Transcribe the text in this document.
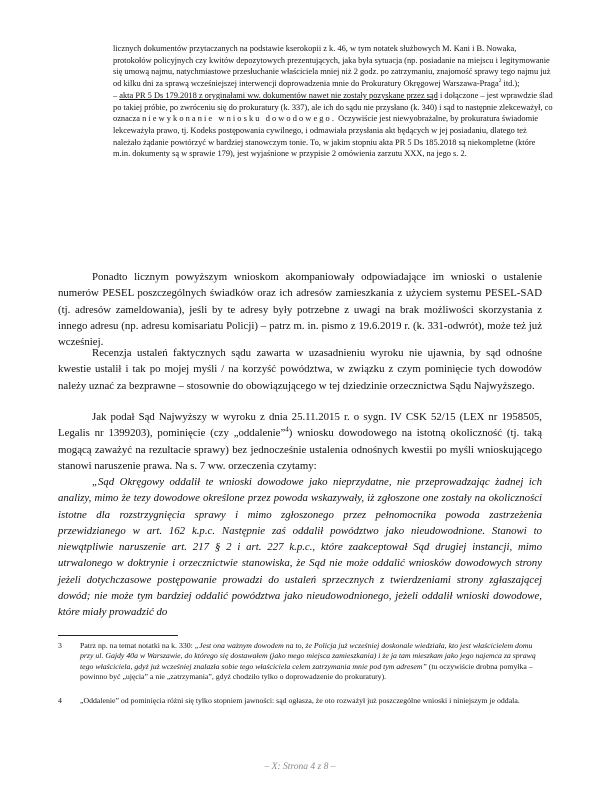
licznych dokumentów przytaczanych na podstawie kserokopii z k. 46, w tym notatek służbowych M. Kani i B. Nowaka, protokołów policyjnych czy kwitów depozytowych prezentujących, jaka była sytuacja (np. posiadanie na miejscu i legitymowanie się umową najmu, natychmiastowe przesłuchanie właściciela mniej niż 2 godz. po zatrzymaniu, znajomość sprawy tego najmu już od kilku dni za sprawą wcześniejszej interwencji doprowadzenia mnie do Prokuratury Okręgowej Warszawa-Praga$^2$ itd.);
– akta PR 5 Ds 179.2018 z oryginałami ww. dokumentów nawet nie zostały pozyskane przez sąd i dołączone – jest wprawdzie ślad po takiej próbie, po zwróceniu się do prokuratury (k. 337), ale ich do sądu nie przysłano (k. 340) i sąd to następnie zlekceważył, co oznacza niewykonanie wniosku dowodowego. Oczywiście jest niewyobrażalne, by prokuratura świadomie lekceważyła prawo, tj. Kodeks postępowania cywilnego, i odmawiała przysłania akt będących w jej posiadaniu, dlatego też należało żądanie powtórzyć w bardziej stanowczym tonie. To, w jakim stopniu akta PR 5 Ds 185.2018 są niekompletne (które m.in. dokumenty są w sprawie 179), jest wyjaśnione w przypisie 2 omówienia zarzutu XXX, na jego s. 2.
Ponadto licznym powyższym wnioskom akompaniowały odpowiadające im wnioski o ustalenie numerów PESEL poszczególnych świadków oraz ich adresów zamieszkania z użyciem systemu PESEL-SAD (tj. adresów zameldowania), jeśli by te adresy były potrzebne z uwagi na brak możliwości skorzystania z innego adresu (np. adresu komisariatu Policji) – patrz m. in. pismo z 19.6.2019 r. (k. 331-odwrót), może też już wcześniej.
Recenzja ustaleń faktycznych sądu zawarta w uzasadnieniu wyroku nie ujawnia, by sąd odnośne kwestie ustalił i tak po mojej myśli / na korzyść powództwa, w związku z czym pominięcie tych dowodów należy uznać za bezprawne – stosownie do obowiązującego w tej dziedzinie orzecznictwa Sądu Najwyższego.
Jak podał Sąd Najwyższy w wyroku z dnia 25.11.2015 r. o sygn. IV CSK 52/15 (LEX nr 1958505, Legalis nr 1399203), pominięcie (czy „oddalenie”$^4$) wniosku dowodowego na istotną okoliczność (tj. taką mogącą zaważyć na rezultacie sprawy) bez jednocześnie ustalenia odnośnych kwestii po myśli wnioskującego stanowi naruszenie prawa. Na s. 7 ww. orzeczenia czytamy:
„Sąd Okręgowy oddalił te wnioski dowodowe jako nieprzydatne, nie przeprowadzając żadnej ich analizy, mimo że tezy dowodowe określone przez powoda wskazywały, iż zgłoszone one zostały na okoliczności istotne dla rozstrzygnięcia sprawy i mimo zgłoszonego przez pełnomocnika powoda zastrzeżenia przewidzianego w art. 162 k.p.c. Następnie zaś oddalił powództwo jako nieudowodnione. Stanowi to niewątpliwie naruszenie art. 217 § 2 i art. 227 k.p.c., które zaakceptował Sąd drugiej instancji, mimo utrwalonego w doktrynie i orzecznictwie stanowiska, że Sąd nie może oddalić wniosków dowodowych strony jeżeli dotychczasowe postępowanie prowadzi do ustaleń sprzecznych z twierdzeniami strony zgłaszającej dowód; nie może tym bardziej oddalić powództwa jako nieudowodnionego, jeżeli oddalił wnioski dowodowe, które miały prowadzić do
3 Patrz np. na temat notatki na k. 330: „Jest ona ważnym dowodem na to, że Policja już wcześniej doskonale wiedziała, kto jest właścicielem domu przy ul. Gajdy 40a w Warszawie, do którego się dostawałem (jako mego miejsca zamieszkania) i że ja tam mieszkam jako jego najemca za sprawą tego właściciela, gdyż już wcześniej znalazła sobie tego właściciela celem zatrzymania mnie pod tym adresem” (tu oczywiście drobna pomyłka – powinno być „ujęcia” a nie „zatrzymania”, gdyż chodziło tylko o doprowadzenie do prokuratury).
4 „Oddalenie” od pominięcia różni się tylko stopniem jawności: sąd ogłasza, że oto rozważył już poszczególne wnioski i niniejszym je oddala.
– X: Strona 4 z 8 –
